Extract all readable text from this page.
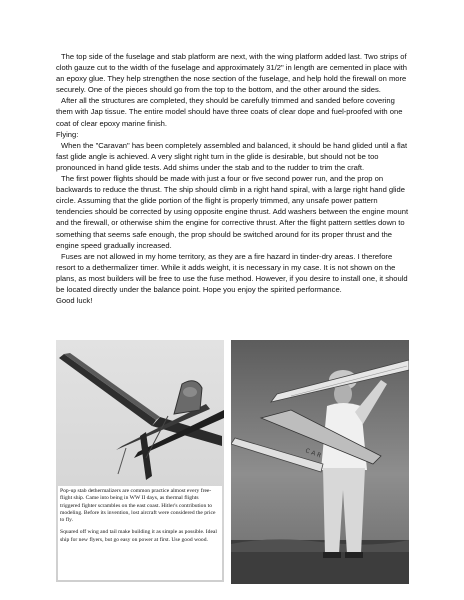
The top side of the fuselage and stab platform are next, with the wing platform added last. Two strips of cloth gauze cut to the width of the fuselage and approximately 31/2" in length are cemented in place with an epoxy glue. They help strengthen the nose section of the fuselage, and help hold the firewall on more securely. One of the pieces should go from the top to the bottom, and the other around the sides.

After all the structures are completed, they should be carefully trimmed and sanded before covering them with Jap tissue. The entire model should have three coats of clear dope and fuel-proofed with one coat of clear epoxy marine finish.

Flying:

When the "Caravan" has been completely assembled and balanced, it should be hand glided until a flat fast glide angle is achieved. A very slight right turn in the glide is desirable, but should not be too pronounced in hand glide tests. Add shims under the stab and to the rudder to trim the craft.

The first power flights should be made with just a four or five second power run, and the prop on backwards to reduce the thrust. The ship should climb in a right hand spiral, with a large right hand glide circle. Assuming that the glide portion of the flight is properly trimmed, any unsafe power pattern tendencies should be corrected by using opposite engine thrust. Add washers between the engine mount and the firewall, or otherwise shim the engine for corrective thrust. After the flight pattern settles down to something that seems safe enough, the prop should be switched around for its proper thrust and the engine speed gradually increased.

Fuses are not allowed in my home territory, as they are a fire hazard in tinder-dry areas. I therefore resort to a dethermalizer timer. While it adds weight, it is necessary in my case. It is not shown on the plans, as most builders will be free to use the fuse method. However, if you desire to install one, it should be located directly under the balance point. Hope you enjoy the spirited performance.

Good luck!

Pop-up stab dethermalizers are common practice almost every free-flight ship. Came into being in WW II days, as thermal flights triggered fighter scrambles on the east coast. Hitler's contribution to modeling. Before its invention, lost aircraft were considered the price to fly.

Squared off wing and tail make building it as simple as possible. Ideal ship for new flyers, but go easy on power at first. Use good wood.

C A R
